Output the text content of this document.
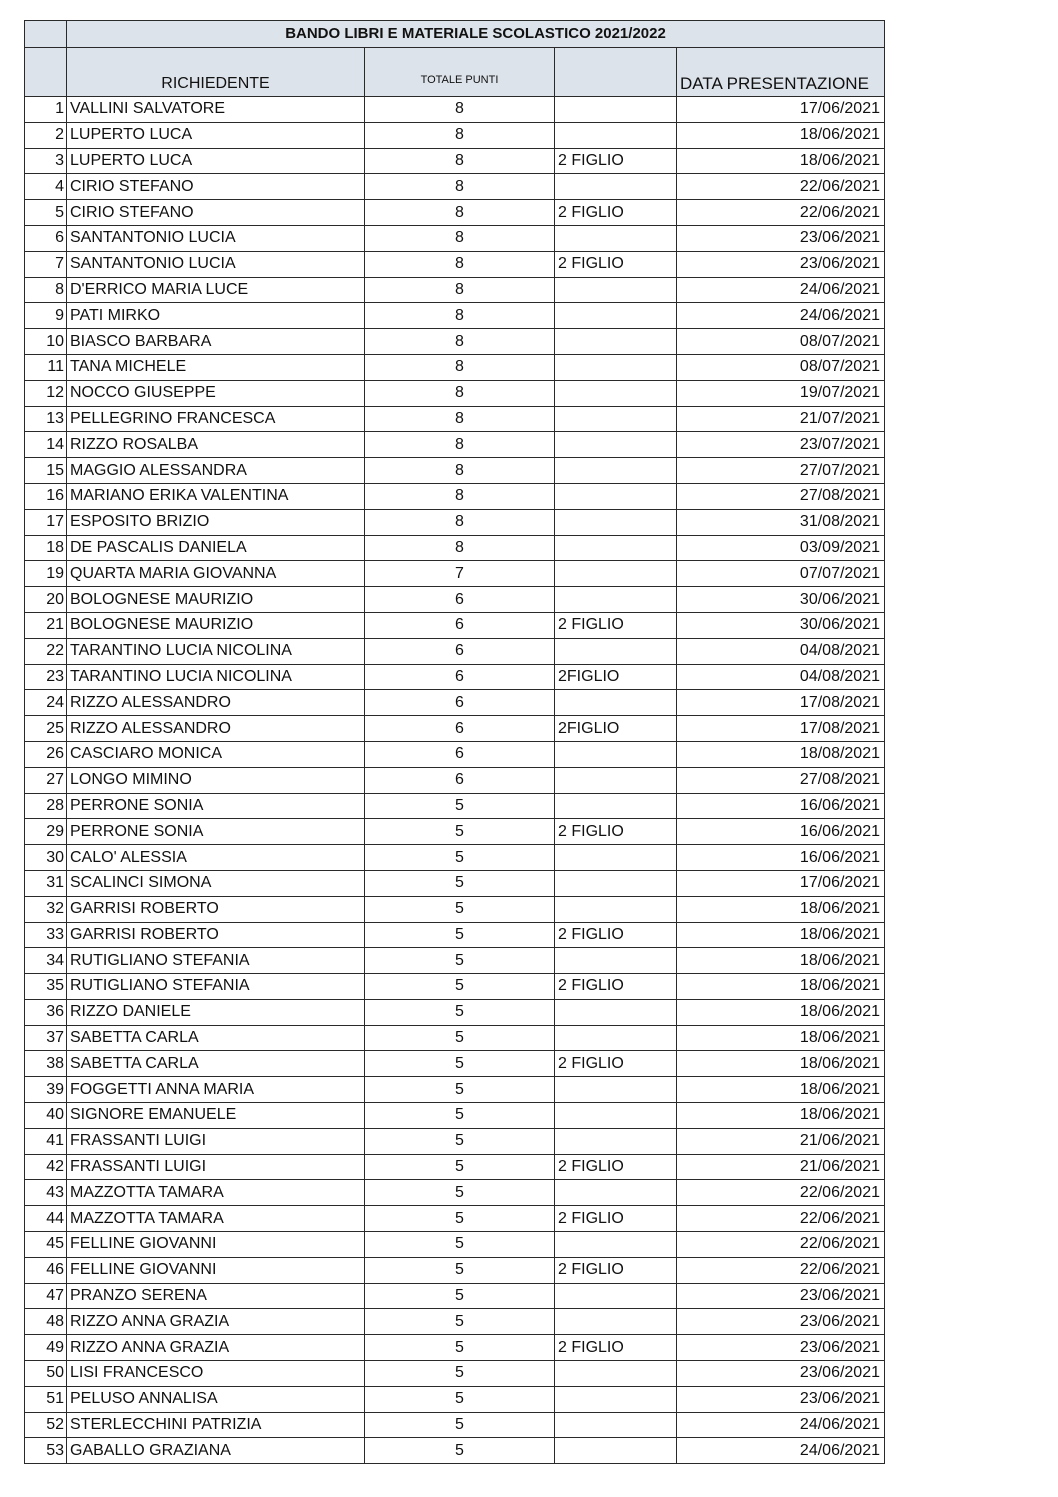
	BANDO LIBRI E MATERIALE SCOLASTICO 2021/2022			
	RICHIEDENTE	TOTALE PUNTI		DATA PRESENTAZIONE
1	VALLINI SALVATORE	8		17/06/2021
2	LUPERTO LUCA	8		18/06/2021
3	LUPERTO LUCA	8	2 FIGLIO	18/06/2021
4	CIRIO STEFANO	8		22/06/2021
5	CIRIO STEFANO	8	2 FIGLIO	22/06/2021
6	SANTANTONIO LUCIA	8		23/06/2021
7	SANTANTONIO LUCIA	8	2 FIGLIO	23/06/2021
8	D'ERRICO MARIA LUCE	8		24/06/2021
9	PATI MIRKO	8		24/06/2021
10	BIASCO BARBARA	8		08/07/2021
11	TANA MICHELE	8		08/07/2021
12	NOCCO GIUSEPPE	8		19/07/2021
13	PELLEGRINO FRANCESCA	8		21/07/2021
14	RIZZO ROSALBA	8		23/07/2021
15	MAGGIO ALESSANDRA	8		27/07/2021
16	MARIANO ERIKA VALENTINA	8		27/08/2021
17	ESPOSITO BRIZIO	8		31/08/2021
18	DE PASCALIS DANIELA	8		03/09/2021
19	QUARTA MARIA GIOVANNA	7		07/07/2021
20	BOLOGNESE MAURIZIO	6		30/06/2021
21	BOLOGNESE MAURIZIO	6	2 FIGLIO	30/06/2021
22	TARANTINO LUCIA NICOLINA	6		04/08/2021
23	TARANTINO LUCIA NICOLINA	6	2FIGLIO	04/08/2021
24	RIZZO ALESSANDRO	6		17/08/2021
25	RIZZO ALESSANDRO	6	2FIGLIO	17/08/2021
26	CASCIARO MONICA	6		18/08/2021
27	LONGO MIMINO	6		27/08/2021
28	PERRONE SONIA	5		16/06/2021
29	PERRONE SONIA	5	2 FIGLIO	16/06/2021
30	CALO' ALESSIA	5		16/06/2021
31	SCALINCI SIMONA	5		17/06/2021
32	GARRISI ROBERTO	5		18/06/2021
33	GARRISI ROBERTO	5	2 FIGLIO	18/06/2021
34	RUTIGLIANO STEFANIA	5		18/06/2021
35	RUTIGLIANO STEFANIA	5	2 FIGLIO	18/06/2021
36	RIZZO DANIELE	5		18/06/2021
37	SABETTA CARLA	5		18/06/2021
38	SABETTA CARLA	5	2 FIGLIO	18/06/2021
39	FOGGETTI ANNA MARIA	5		18/06/2021
40	SIGNORE EMANUELE	5		18/06/2021
41	FRASSANTI LUIGI	5		21/06/2021
42	FRASSANTI LUIGI	5	2 FIGLIO	21/06/2021
43	MAZZOTTA TAMARA	5		22/06/2021
44	MAZZOTTA TAMARA	5	2 FIGLIO	22/06/2021
45	FELLINE GIOVANNI	5		22/06/2021
46	FELLINE GIOVANNI	5	2 FIGLIO	22/06/2021
47	PRANZO SERENA	5		23/06/2021
48	RIZZO ANNA GRAZIA	5		23/06/2021
49	RIZZO ANNA GRAZIA	5	2 FIGLIO	23/06/2021
50	LISI FRANCESCO	5		23/06/2021
51	PELUSO ANNALISA	5		23/06/2021
52	STERLECCHINI PATRIZIA	5		24/06/2021
53	GABALLO GRAZIANA	5		24/06/2021
